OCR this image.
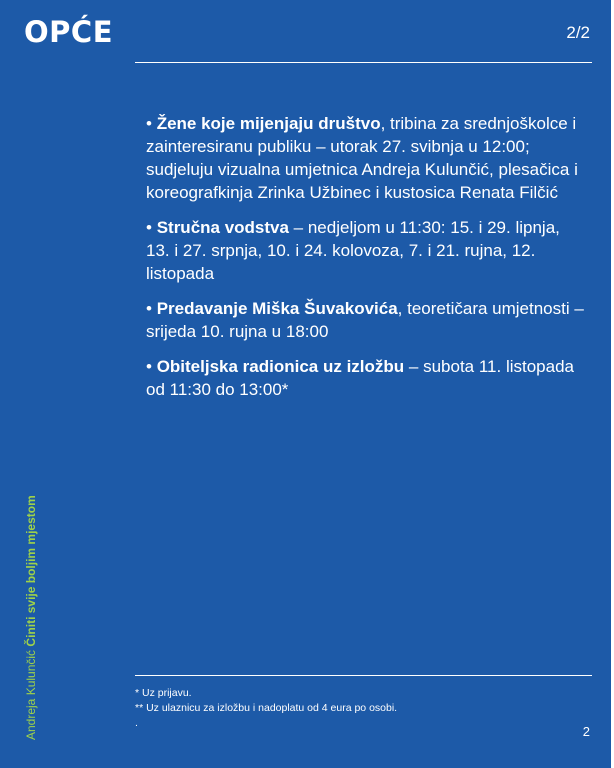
OPĆE	2/2

• Žene koje mijenjaju društvo, tribina za srednjoškolce i zainteresiranu publiku – utorak 27. svibnja u 12:00; sudjeluju vizualna umjetnica Andreja Kulunčić, plesačica i koreografkinja Zrinka Užbinec i kustosica Renata Filčić

• Stručna vodstva – nedjeljom u 11:30: 15. i 29. lipnja, 13. i 27. srpnja, 10. i 24. kolovoza, 7. i 21. rujna, 12. listopada

• Predavanje Miška Šuvakovića, teoretičara umjetnosti – srijeda 10. rujna u 18:00

• Obiteljska radionica uz izložbu – subota 11. listopada od 11:30 do 13:00*

* Uz prijavu.
** Uz ulaznicu za izložbu i nadoplatu od 4 eura po osobi.
.
2
Andreja Kulunčić Činiti svije boljim mjestom
